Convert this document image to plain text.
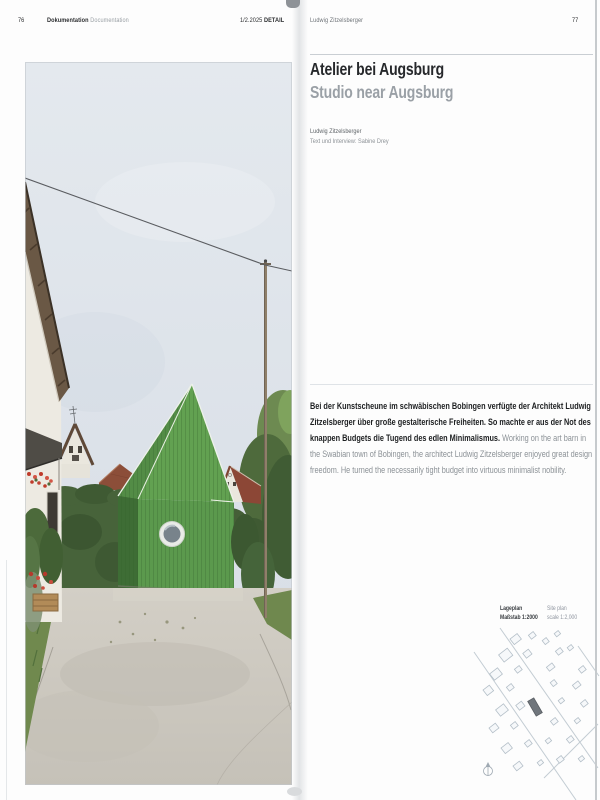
76	Dokumentation Documentation	1/2.2025 DETAIL	Ludwig Zitzelsberger	77
Atelier bei Augsburg
Studio near Augsburg
Ludwig Zitzelsberger
Text und Interview: Sabine Drey

Bei der Kunstscheune im schwäbischen Bobingen verfügte der Architekt Ludwig Zitzelsberger über große gestalterische Freiheiten. So machte er aus der Not des knappen Budgets die Tugend des edlen Minimalismus. Working on the art barn in the Swabian town of Bobingen, the architect Ludwig Zitzelsberger enjoyed great design freedom. He turned the necessarily tight budget into virtuous minimalist nobility.

Lageplan
Maßstab 1:2000
Site plan
scale 1:2,000
